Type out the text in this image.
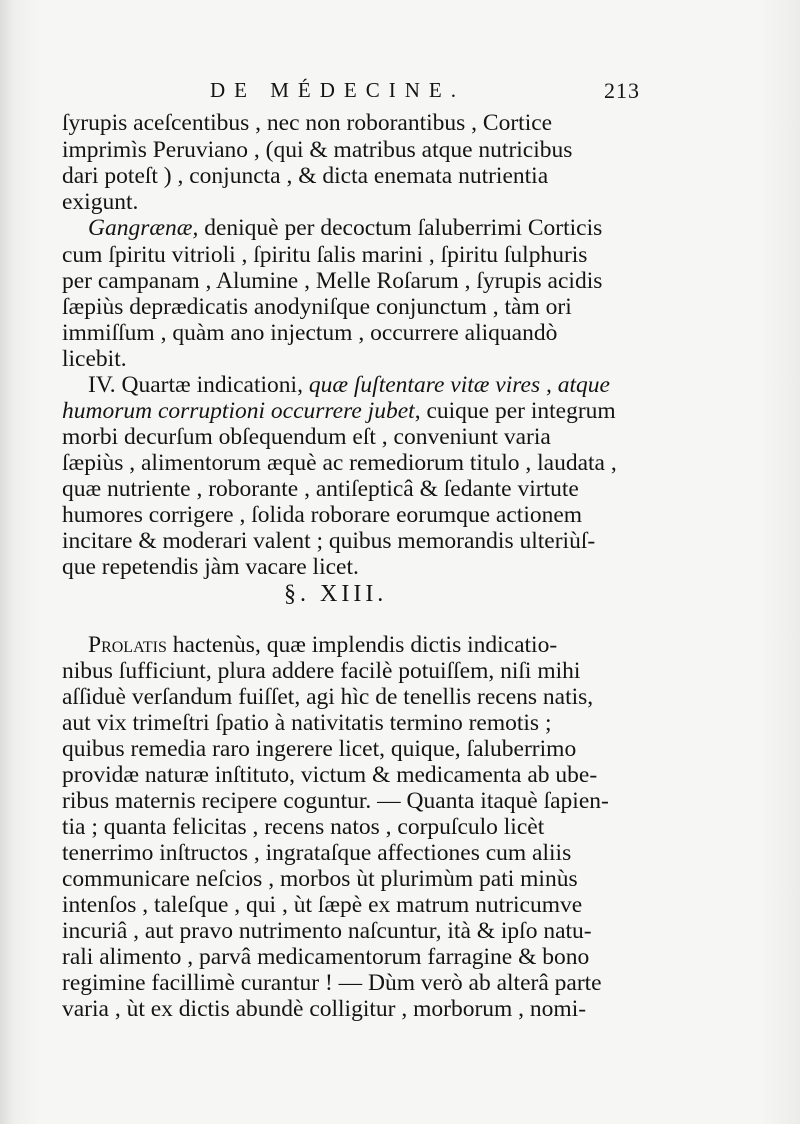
DE MÉDECINE.	213
ſyrupis aceſcentibus , nec non roborantibus , Cortice
imprimìs Peruviano , (qui & matribus atque nutricibus
dari poteſt ) , conjuncta , & dicta enemata nutrientia
exigunt.
Gangrænæ, deniquè per decoctum ſaluberrimi Corticis
cum ſpiritu vitrioli , ſpiritu ſalis marini , ſpiritu ſulphuris
per campanam , Alumine , Melle Roſarum , ſyrupis acidis
ſæpiùs deprædicatis anodyniſque conjunctum , tàm ori
immiſſum , quàm ano injectum , occurrere aliquandò
licebit.
IV. Quartæ indicationi, quæ ſuſtentare vitæ vires , atque
humorum corruptioni occurrere jubet, cuique per integrum
morbi decurſum obſequendum eſt , conveniunt varia
ſæpiùs , alimentorum æquè ac remediorum titulo , laudata ,
quæ nutriente , roborante , antiſepticâ & ſedante virtute
humores corrigere , ſolida roborare eorumque actionem
incitare & moderari valent ; quibus memorandis ulteriùſ-
que repetendis jàm vacare licet.
§. XIII.
Prolatis hactenùs, quæ implendis dictis indicatio-
nibus ſufficiunt, plura addere facilè potuiſſem, niſi mihi
aſſiduè verſandum fuiſſet, agi hìc de tenellis recens natis,
aut vix trimeſtri ſpatio à nativitatis termino remotis ;
quibus remedia raro ingerere licet, quique, ſaluberrimo
providæ naturæ inſtituto, victum & medicamenta ab ube-
ribus maternis recipere coguntur. — Quanta itaquè ſapien-
tia ; quanta felicitas , recens natos , corpuſculo licèt
tenerrimo inſtructos , ingrataſque affectiones cum aliis
communicare neſcios , morbos ùt plurimùm pati minùs
intenſos , taleſque , qui , ùt ſæpè ex matrum nutricumve
incuriâ , aut pravo nutrimento naſcuntur, ità & ipſo natu-
rali alimento , parvâ medicamentorum farragine & bono
regimine facillimè curantur ! — Dùm verò ab alterâ parte
varia , ùt ex dictis abundè colligitur , morborum , nomi-
